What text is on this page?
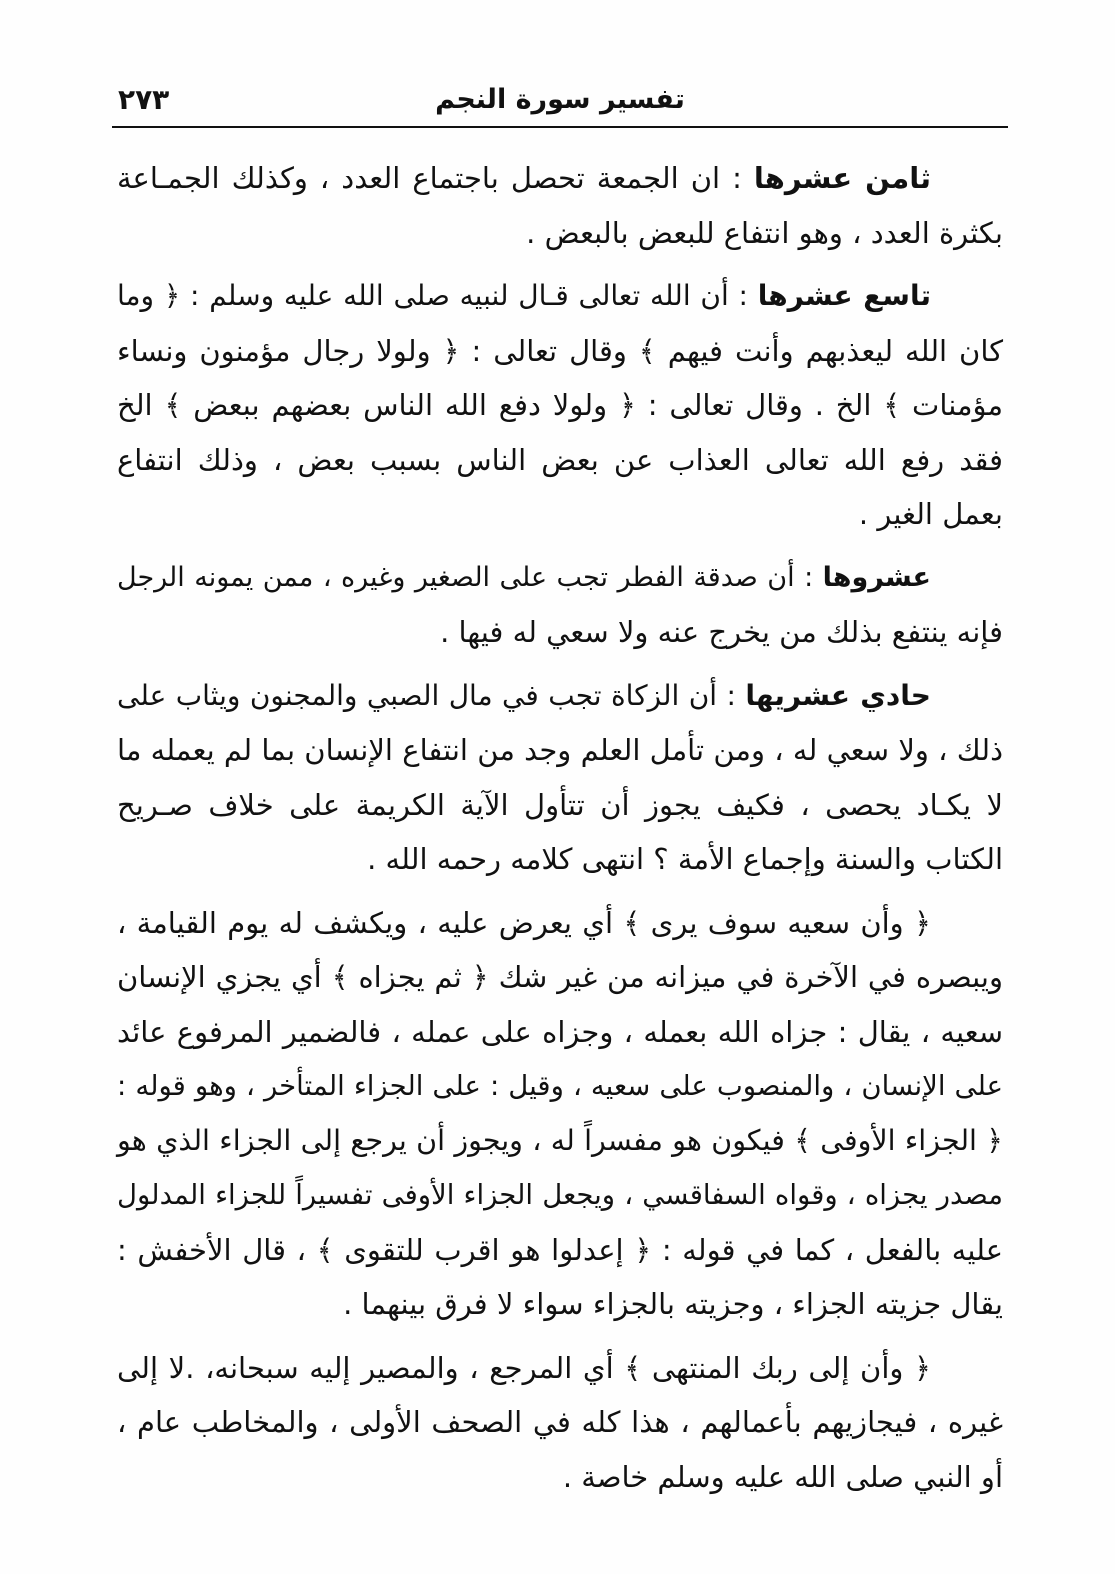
تفسير سورة النجم
٢٧٣
ثامن عشرها : ان الجمعة تحصل باجتماع العدد ، وكذلك الجمـاعة
بكثرة العدد ، وهو انتفاع للبعض بالبعض .
تاسع عشرها : أن الله تعالى قـال لنبيه صلى الله عليه وسلم : ﴿ وما
كان الله ليعذبهم وأنت فيهم ﴾ وقال تعالى : ﴿ ولولا رجال مؤمنون ونساء
مؤمنات ﴾ الخ . وقال تعالى : ﴿ ولولا دفع الله الناس بعضهم ببعض ﴾ الخ
فقد رفع الله تعالى العذاب عن بعض الناس بسبب بعض ، وذلك انتفاع
بعمل الغير .
عشروها : أن صدقة الفطر تجب على الصغير وغيره ، ممن يمونه الرجل
فإنه ينتفع بذلك من يخرج عنه ولا سعي له فيها .
حادي عشريها : أن الزكاة تجب في مال الصبي والمجنون ويثاب على
ذلك ، ولا سعي له ، ومن تأمل العلم وجد من انتفاع الإنسان بما لم يعمله ما
لا يكـاد يحصى ، فكيف يجوز أن تتأول الآية الكريمة على خلاف صـريح
الكتاب والسنة وإجماع الأمة ؟ انتهى كلامه رحمه الله .
﴿ وأن سعيه سوف يرى ﴾ أي يعرض عليه ، ويكشف له يوم القيامة ،
ويبصره في الآخرة في ميزانه من غير شك ﴿ ثم يجزاه ﴾ أي يجزي الإنسان
سعيه ، يقال : جزاه الله بعمله ، وجزاه على عمله ، فالضمير المرفوع عائد
على الإنسان ، والمنصوب على سعيه ، وقيل : على الجزاء المتأخر ، وهو قوله :
﴿ الجزاء الأوفى ﴾ فيكون هو مفسراً له ، ويجوز أن يرجع إلى الجزاء الذي هو
مصدر يجزاه ، وقواه السفاقسي ، ويجعل الجزاء الأوفى تفسيراً للجزاء المدلول
عليه بالفعل ، كما في قوله : ﴿ إعدلوا هو اقرب للتقوى ﴾ ، قال الأخفش :
يقال جزيته الجزاء ، وجزيته بالجزاء سواء لا فرق بينهما .
﴿ وأن إلى ربك المنتهى ﴾ أي المرجع ، والمصير إليه سبحانه، .لا إلى
غيره ، فيجازيهم بأعمالهم ، هذا كله في الصحف الأولى ، والمخاطب عام ،
أو النبي صلى الله عليه وسلم خاصة .
